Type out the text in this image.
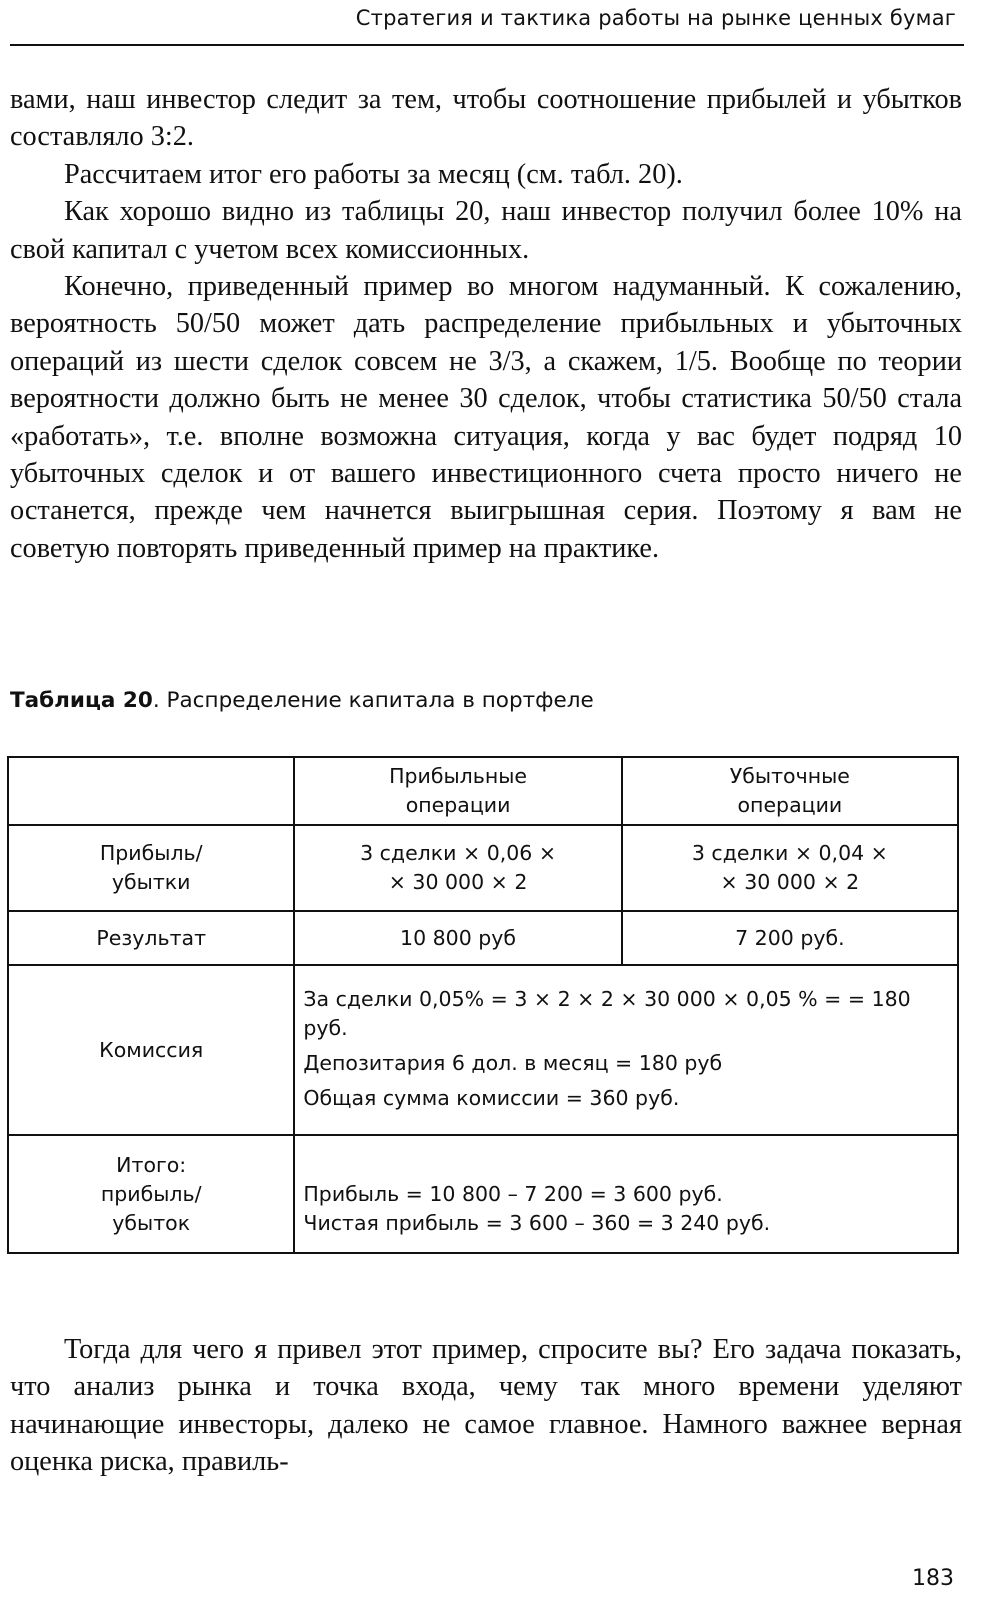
Стратегия и тактика работы на рынке ценных бумаг

вами, наш инвестор следит за тем, чтобы соотношение прибылей и убытков составляло 3:2.

Рассчитаем итог его работы за месяц (см. табл. 20).

Как хорошо видно из таблицы 20, наш инвестор получил более 10% на свой капитал с учетом всех комиссионных.

Конечно, приведенный пример во многом надуманный. К сожалению, вероятность 50/50 может дать распределение прибыльных и убыточных операций из шести сделок совсем не 3/3, а скажем, 1/5. Вообще по теории вероятности должно быть не менее 30 сделок, чтобы статистика 50/50 стала «работать», т.е. вполне возможна ситуация, когда у вас будет подряд 10 убыточных сделок и от вашего инвестиционного счета просто ничего не останется, прежде чем начнется выигрышная серия. Поэтому я вам не советую повторять приведенный пример на практике.

Таблица 20. Распределение капитала в портфеле

	Прибыльные
операции	Убыточные
операции

Прибыль/
убытки	3 сделки × 0,06 ×
× 30 000 × 2	3 сделки × 0,04 ×
× 30 000 × 2

Результат	10 800 руб	7 200 руб.
Комиссия	За сделки 0,05% = 3 × 2 × 2 × 30 000 × 0,05 % = = 180 руб.
Депозитария 6 дол. в месяц = 180 руб
Общая сумма комиссии = 360 руб.	

Итого:
прибыль/
убыток	Прибыль = 10 800 – 7 200 = 3 600 руб.
Чистая прибыль = 3 600 – 360 = 3 240 руб.	

Тогда для чего я привел этот пример, спросите вы? Его задача показать, что анализ рынка и точка входа, чему так много времени уделяют начинающие инвесторы, далеко не самое главное. Намного важнее верная оценка риска, правиль-

183
